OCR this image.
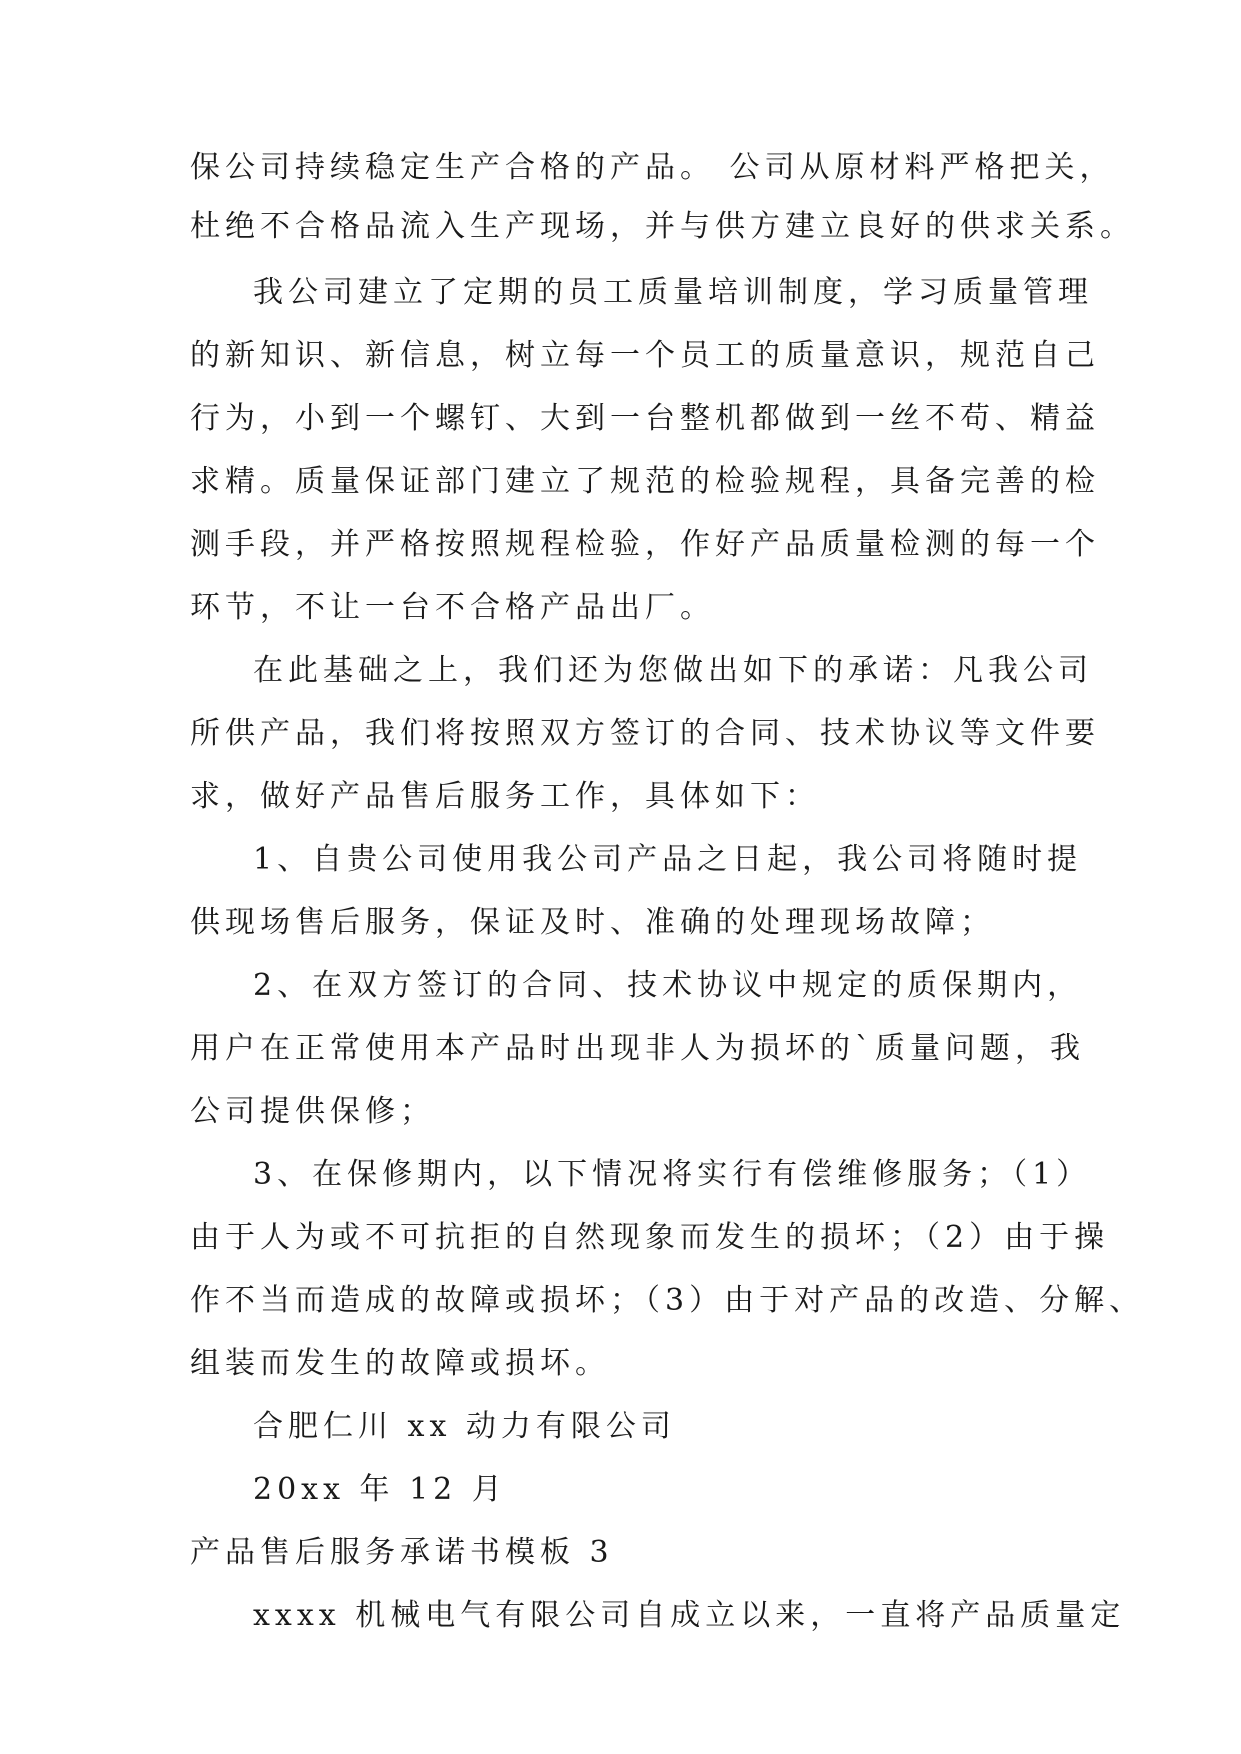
保公司持续稳定生产合格的产品。 公司从原材料严格把关，

杜绝不合格品流入生产现场，并与供方建立良好的供求关系。

我公司建立了定期的员工质量培训制度，学习质量管理

的新知识、新信息，树立每一个员工的质量意识，规范自己

行为，小到一个螺钉、大到一台整机都做到一丝不苟、精益

求精。质量保证部门建立了规范的检验规程，具备完善的检

测手段，并严格按照规程检验，作好产品质量检测的每一个

环节，不让一台不合格产品出厂。

在此基础之上，我们还为您做出如下的承诺：凡我公司

所供产品，我们将按照双方签订的合同、技术协议等文件要

求，做好产品售后服务工作，具体如下：

1、自贵公司使用我公司产品之日起，我公司将随时提

供现场售后服务，保证及时、准确的处理现场故障；

2、在双方签订的合同、技术协议中规定的质保期内，

用户在正常使用本产品时出现非人为损坏的`质量问题，我

公司提供保修；

3、在保修期内，以下情况将实行有偿维修服务；（1）

由于人为或不可抗拒的自然现象而发生的损坏；（2）由于操

作不当而造成的故障或损坏；（3）由于对产品的改造、分解、

组装而发生的故障或损坏。

合肥仁川 xx 动力有限公司

20xx 年 12 月

产品售后服务承诺书模板 3

xxxx 机械电气有限公司自成立以来，一直将产品质量定
